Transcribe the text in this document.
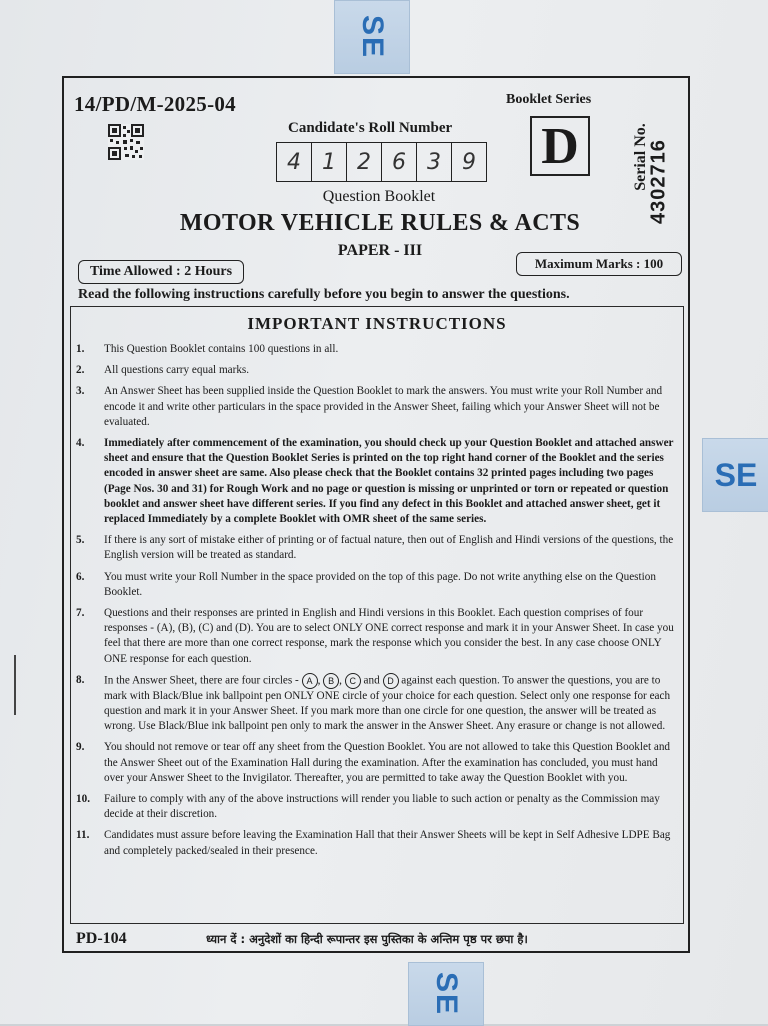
SE
SE
SE
14/PD/M-2025-04
Candidate's Roll Number
4 1 2 6 3 9
Booklet Series
D	Serial No.
4302716
Question Booklet
MOTOR VEHICLE RULES & ACTS
PAPER - III
Time Allowed : 2 Hours
Maximum Marks : 100
Read the following instructions carefully before you begin to answer the questions.
IMPORTANT INSTRUCTIONS
1.	This Question Booklet contains 100 questions in all.
2.	All questions carry equal marks.
3.	An Answer Sheet has been supplied inside the Question Booklet to mark the answers. You must write your Roll Number and encode it and write other particulars in the space provided in the Answer Sheet, failing which your Answer Sheet will not be evaluated.
4.	Immediately after commencement of the examination, you should check up your Question Booklet and attached answer sheet and ensure that the Question Booklet Series is printed on the top right hand corner of the Booklet and the series encoded in answer sheet are same. Also please check that the Booklet contains 32 printed pages including two pages (Page Nos. 30 and 31) for Rough Work and no page or question is missing or unprinted or torn or repeated or question booklet and answer sheet have different series. If you find any defect in this Booklet and attached answer sheet, get it replaced Immediately by a complete Booklet with OMR sheet of the same series.
5.	If there is any sort of mistake either of printing or of factual nature, then out of English and Hindi versions of the questions, the English version will be treated as standard.
6.	You must write your Roll Number in the space provided on the top of this page. Do not write anything else on the Question Booklet.
7.	Questions and their responses are printed in English and Hindi versions in this Booklet. Each question comprises of four responses - (A), (B), (C) and (D). You are to select ONLY ONE correct response and mark it in your Answer Sheet. In case you feel that there are more than one correct response, mark the response which you consider the best. In any case choose ONLY ONE response for each question.
8.	In the Answer Sheet, there are four circles - A , B , C and D against each question. To answer the questions, you are to mark with Black/Blue ink ballpoint pen ONLY ONE circle of your choice for each question. Select only one response for each question and mark it in your Answer Sheet. If you mark more than one circle for one question, the answer will be treated as wrong. Use Black/Blue ink ballpoint pen only to mark the answer in the Answer Sheet. Any erasure or change is not allowed.
9.	You should not remove or tear off any sheet from the Question Booklet. You are not allowed to take this Question Booklet and the Answer Sheet out of the Examination Hall during the examination. After the examination has concluded, you must hand over your Answer Sheet to the Invigilator. Thereafter, you are permitted to take away the Question Booklet with you.
10.	Failure to comply with any of the above instructions will render you liable to such action or penalty as the Commission may decide at their discretion.
11.	Candidates must assure before leaving the Examination Hall that their Answer Sheets will be kept in Self Adhesive LDPE Bag and completely packed/sealed in their presence.
PD-104	ध्यान दें : अनुदेशों का हिन्दी रूपान्तर इस पुस्तिका के अन्तिम पृष्ठ पर छपा है।
